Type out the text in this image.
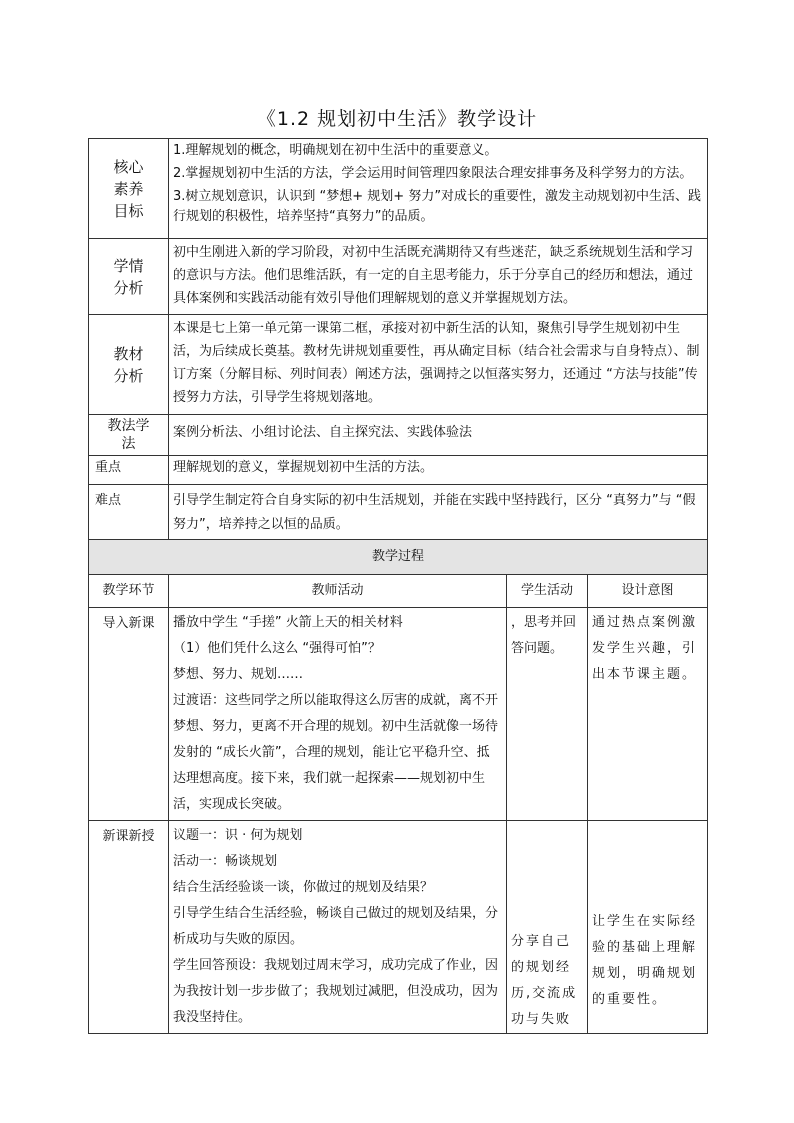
《1.2 规划初中生活》教学设计
核心素养目标	1.理解规划的概念，明确规划在初中生活中的重要意义。

2.掌握规划初中生活的方法，学会运用时间管理四象限法合理安排事务及科学努力的方法。

3.树立规划意识，认识到 “梦想+ 规划+ 努力”对成长的重要性，激发主动规划初中生活、践行规划的积极性，培养坚持“真努力”的品质。		

学情分析	初中生刚进入新的学习阶段，对初中生活既充满期待又有些迷茫，缺乏系统规划生活和学习的意识与方法。他们思维活跃，有一定的自主思考能力，乐于分享自己的经历和想法，通过具体案例和实践活动能有效引导他们理解规划的意义并掌握规划方法。		

教材分析	本课是七上第一单元第一课第二框，承接对初中新生活的认知，聚焦引导学生规划初中生活，为后续成长奠基。教材先讲规划重要性，再从确定目标（结合社会需求与自身特点）、制订方案（分解目标、列时间表）阐述方法，强调持之以恒落实努力，还通过 “方法与技能”传授努力方法，引导学生将规划落地。		

教法学法	案例分析法、小组讨论法、自主探究法、实践体验法		
重点	理解规划的意义，掌握规划初中生活的方法。		
难点	引导学生制定符合自身实际的初中生活规划，并能在实践中坚持践行，区分 “真努力”与 “假努力”，培养持之以恒的品质。		
教学过程			
教学环节	教师活动	学生活动	设计意图
导入新课	播放中学生 “手搓” 火箭上天的相关材料

（1）他们凭什么这么 “强得可怕”？

梦想、努力、规划……

过渡语：这些同学之所以能取得这么厉害的成就，离不开梦想、努力，更离不开合理的规划。初中生活就像一场待发射的 “成长火箭”，合理的规划，能让它平稳升空、抵达理想高度。接下来，我们就一起探索——规划初中生活，实现成长突破。	，思考并回答问题。	通过热点案例激发学生兴趣，引出本节课主题。
新课新授	议题一：识 · 何为规划

活动一：畅谈规划

结合生活经验谈一谈，你做过的规划及结果？

引导学生结合生活经验，畅谈自己做过的规划及结果，分析成功与失败的原因。

学生回答预设：我规划过周末学习，成功完成了作业，因为我按计划一步步做了；我规划过减肥，但没成功，因为我没坚持住。	分享自己的规划经历,交流成功与失败	让学生在实际经验的基础上理解规划，明确规划的重要性。
